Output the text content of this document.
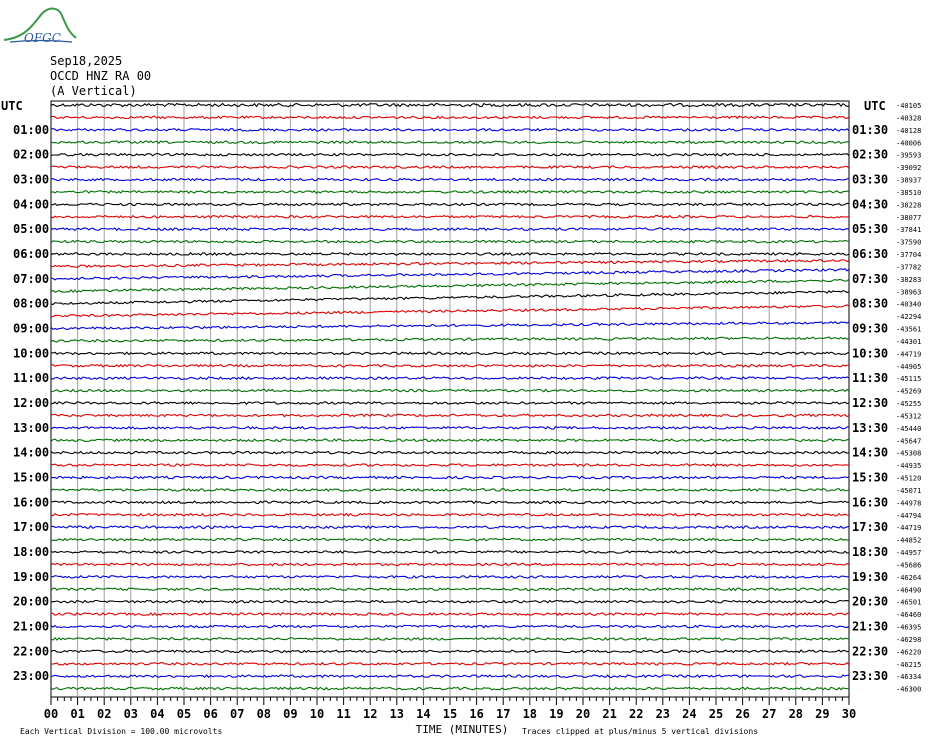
OFGC
Sep18,2025
OCCD HNZ RA 00
(A Vertical)
00 01 02 03 04 05 06 07 08 09 10 11 12 13 14 15 16 17 18 19 20 21 22 23 24 25 26 27 28 29 30
TIME (MINUTES)
Each Vertical Division = 100.00 microvolts	Traces clipped at plus/minus 5 vertical divisions
UTC	UTC
01:00
02:00
03:00
04:00
05:00
06:00
07:00
08:00
09:00
10:00
11:00
12:00
13:00
14:00
15:00
16:00
17:00
18:00
19:00
20:00
21:00
22:00
23:00
01:30
02:30
03:30
04:30
05:30
06:30
07:30
08:30
09:30
10:30
11:30
12:30
13:30
14:30
15:30
16:30
17:30
18:30
19:30
20:30
21:30
22:30
23:30
-40105
-40328
-40128
-40006
-39593
-39092
-38937
-38510
-38228
-38077
-37841
-37590
-37704
-37782
-38283
-38963
-40340
-42294
-43561
-44301
-44719
-44905
-45115
-45269
-45255
-45312
-45440
-45647
-45308
-44935
-45120
-45071
-44978
-44794
-44719
-44852
-44957
-45686
-46264
-46490
-46501
-46460
-46395
-46298
-46220
-46215
-46334
-46300
